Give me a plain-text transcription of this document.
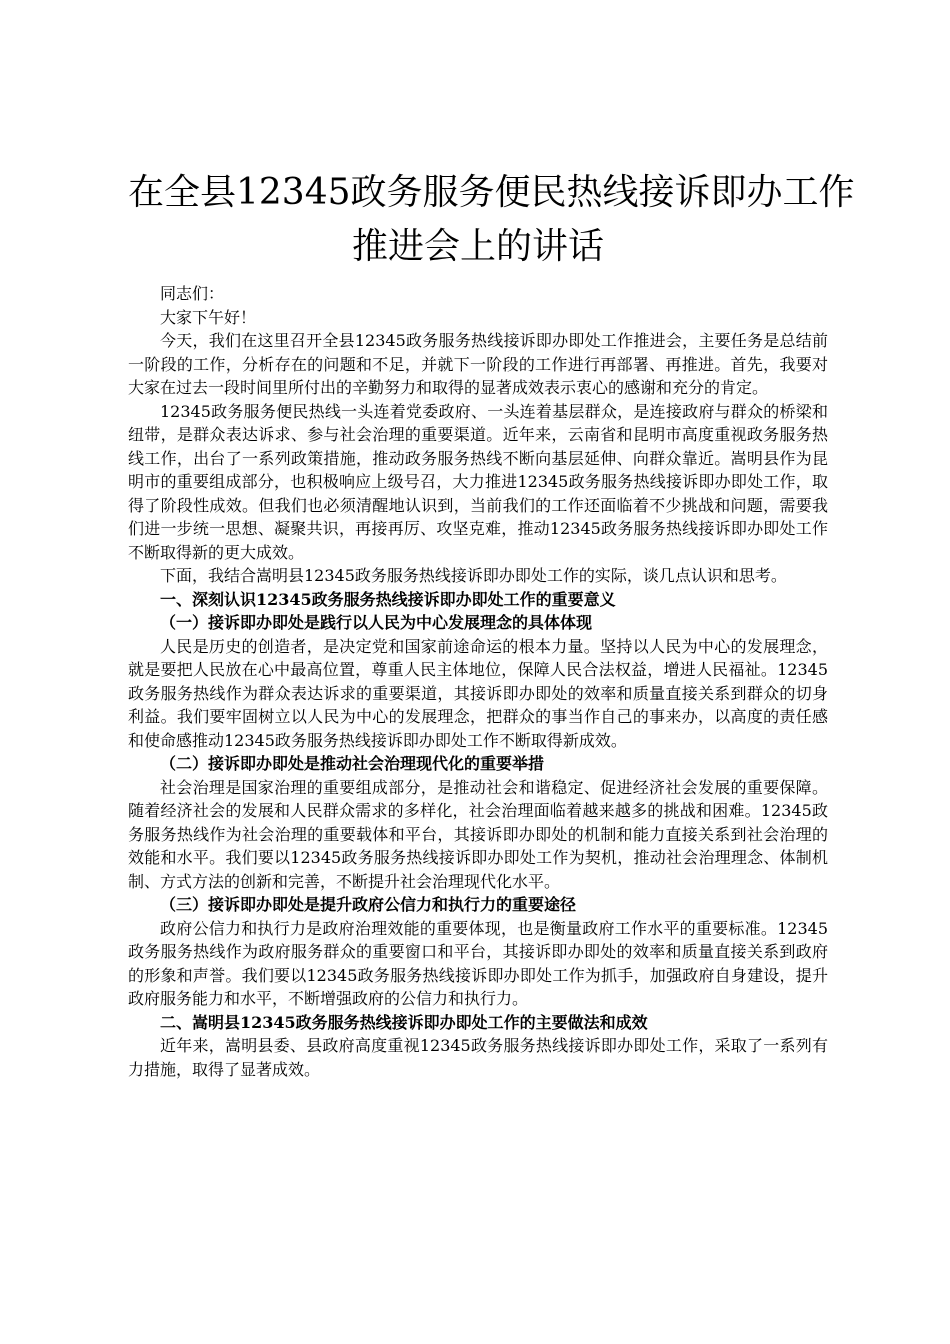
在全县12345政务服务便民热线接诉即办工作
推进会上的讲话

同志们：

大家下午好！

今天，我们在这里召开全县12345政务服务热线接诉即办即处工作推进会，主要任务是总结前一阶段的工作，分析存在的问题和不足，并就下一阶段的工作进行再部署、再推进。首先，我要对大家在过去一段时间里所付出的辛勤努力和取得的显著成效表示衷心的感谢和充分的肯定。

12345政务服务便民热线一头连着党委政府、一头连着基层群众，是连接政府与群众的桥梁和纽带，是群众表达诉求、参与社会治理的重要渠道。近年来，云南省和昆明市高度重视政务服务热线工作，出台了一系列政策措施，推动政务服务热线不断向基层延伸、向群众靠近。嵩明县作为昆明市的重要组成部分，也积极响应上级号召，大力推进12345政务服务热线接诉即办即处工作，取得了阶段性成效。但我们也必须清醒地认识到，当前我们的工作还面临着不少挑战和问题，需要我们进一步统一思想、凝聚共识，再接再厉、攻坚克难，推动12345政务服务热线接诉即办即处工作不断取得新的更大成效。

下面，我结合嵩明县12345政务服务热线接诉即办即处工作的实际，谈几点认识和思考。

一、深刻认识12345政务服务热线接诉即办即处工作的重要意义

（一）接诉即办即处是践行以人民为中心发展理念的具体体现

人民是历史的创造者，是决定党和国家前途命运的根本力量。坚持以人民为中心的发展理念，就是要把人民放在心中最高位置，尊重人民主体地位，保障人民合法权益，增进人民福祉。12345政务服务热线作为群众表达诉求的重要渠道，其接诉即办即处的效率和质量直接关系到群众的切身利益。我们要牢固树立以人民为中心的发展理念，把群众的事当作自己的事来办，以高度的责任感和使命感推动12345政务服务热线接诉即办即处工作不断取得新成效。

（二）接诉即办即处是推动社会治理现代化的重要举措

社会治理是国家治理的重要组成部分，是推动社会和谐稳定、促进经济社会发展的重要保障。随着经济社会的发展和人民群众需求的多样化，社会治理面临着越来越多的挑战和困难。12345政务服务热线作为社会治理的重要载体和平台，其接诉即办即处的机制和能力直接关系到社会治理的效能和水平。我们要以12345政务服务热线接诉即办即处工作为契机，推动社会治理理念、体制机制、方式方法的创新和完善，不断提升社会治理现代化水平。

（三）接诉即办即处是提升政府公信力和执行力的重要途径

政府公信力和执行力是政府治理效能的重要体现，也是衡量政府工作水平的重要标准。12345政务服务热线作为政府服务群众的重要窗口和平台，其接诉即办即处的效率和质量直接关系到政府的形象和声誉。我们要以12345政务服务热线接诉即办即处工作为抓手，加强政府自身建设，提升政府服务能力和水平，不断增强政府的公信力和执行力。

二、嵩明县12345政务服务热线接诉即办即处工作的主要做法和成效

近年来，嵩明县委、县政府高度重视12345政务服务热线接诉即办即处工作，采取了一系列有力措施，取得了显著成效。
